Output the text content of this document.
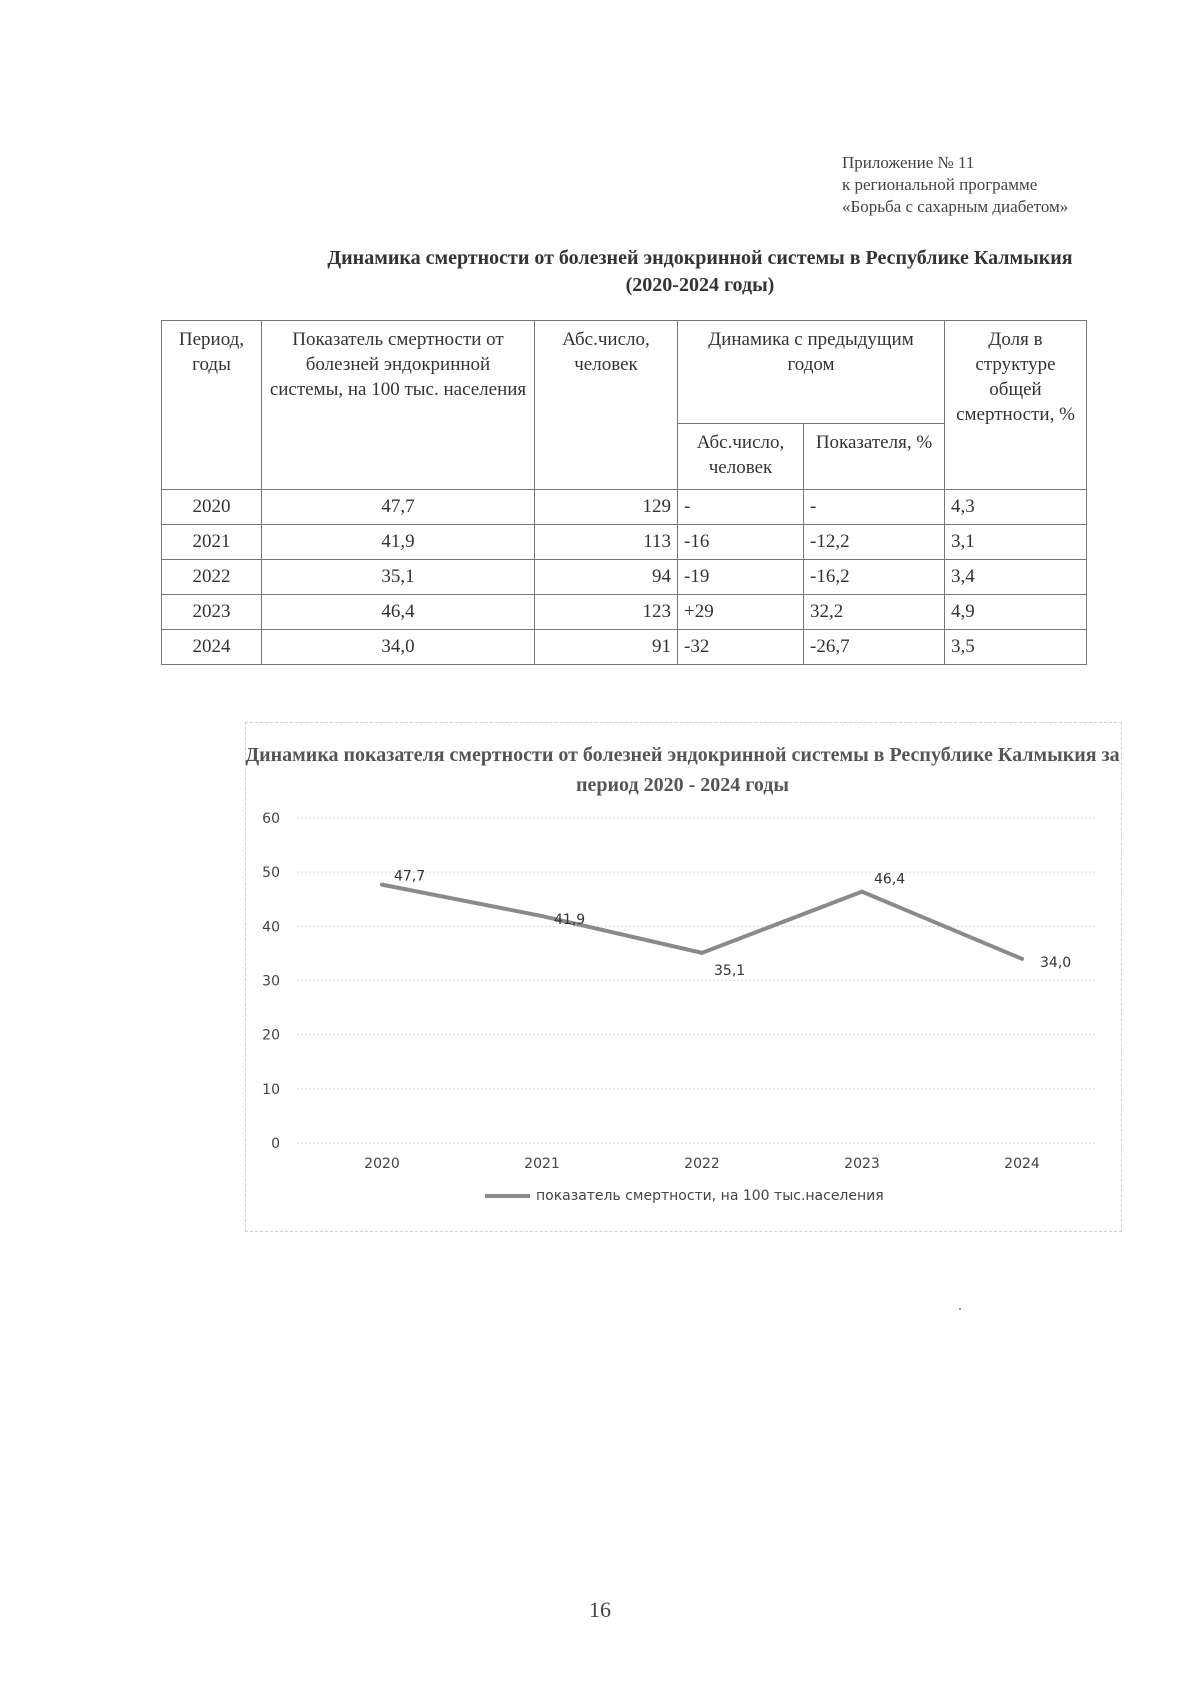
Приложение № 11
к региональной программе
«Борьба с сахарным диабетом»
Динамика смертности от болезней эндокринной системы в Республике Калмыкия
(2020-2024 годы)
Период, годы	Показатель смертности от болезней эндокринной системы, на 100 тыс. населения	Абс.число, человек	Динамика с предыдущим годом		Доля в структуре общей смертности, %
			Абс.число, человек	Показателя, %	
2020	47,7	129	-	-	4,3
2021	41,9	113	-16	-12,2	3,1
2022	35,1	94	-19	-16,2	3,4
2023	46,4	123	+29	32,2	4,9
2024	34,0	91	-32	-26,7	3,5
Динамика показателя смертности от болезней эндокринной системы в Республике Калмыкия за период 2020 - 2024 годы
0
10
20
30
40
50
60
2020	2021	2022	2023	2024
47,7
41,9
35,1
46,4
34,0
показатель смертности, на 100 тыс.населения
16
